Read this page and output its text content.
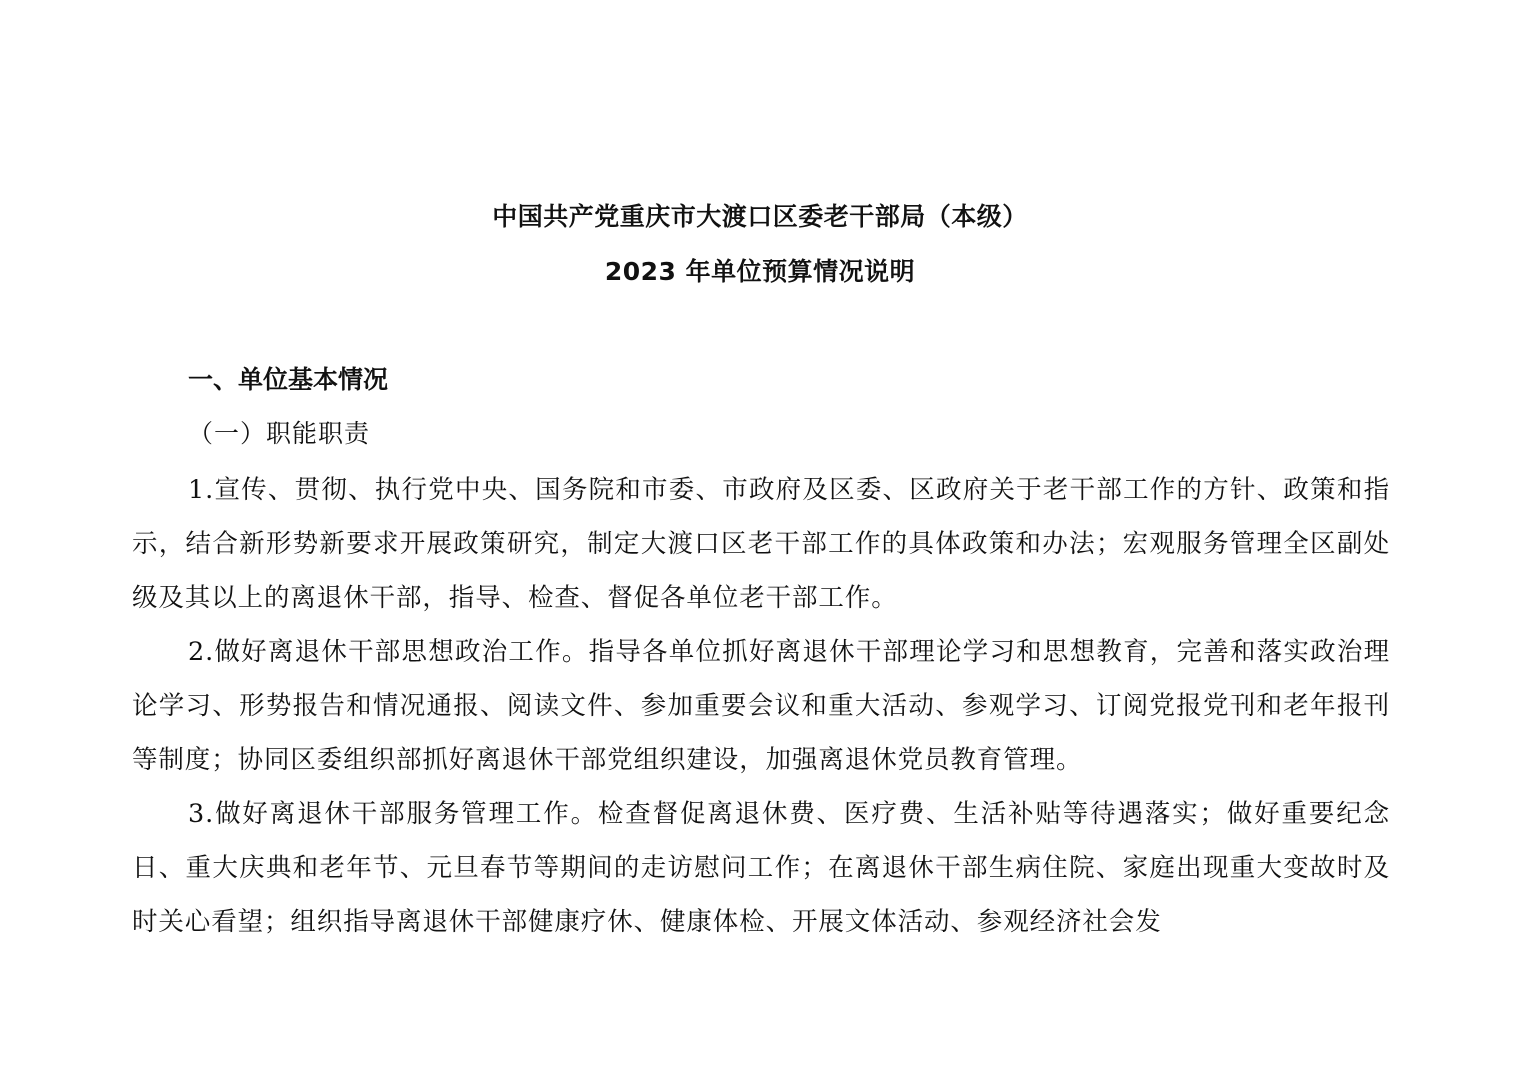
中国共产党重庆市大渡口区委老干部局（本级）
2023 年单位预算情况说明
一、单位基本情况
（一）职能职责

1.宣传、贯彻、执行党中央、国务院和市委、市政府及区委、区政府关于老干部工作的方针、政策和指示，结合新形势新要求开展政策研究，制定大渡口区老干部工作的具体政策和办法；宏观服务管理全区副处级及其以上的离退休干部，指导、检查、督促各单位老干部工作。

2.做好离退休干部思想政治工作。指导各单位抓好离退休干部理论学习和思想教育，完善和落实政治理论学习、形势报告和情况通报、阅读文件、参加重要会议和重大活动、参观学习、订阅党报党刊和老年报刊等制度；协同区委组织部抓好离退休干部党组织建设，加强离退休党员教育管理。

3.做好离退休干部服务管理工作。检查督促离退休费、医疗费、生活补贴等待遇落实；做好重要纪念日、重大庆典和老年节、元旦春节等期间的走访慰问工作；在离退休干部生病住院、家庭出现重大变故时及时关心看望；组织指导离退休干部健康疗休、健康体检、开展文体活动、参观经济社会发
